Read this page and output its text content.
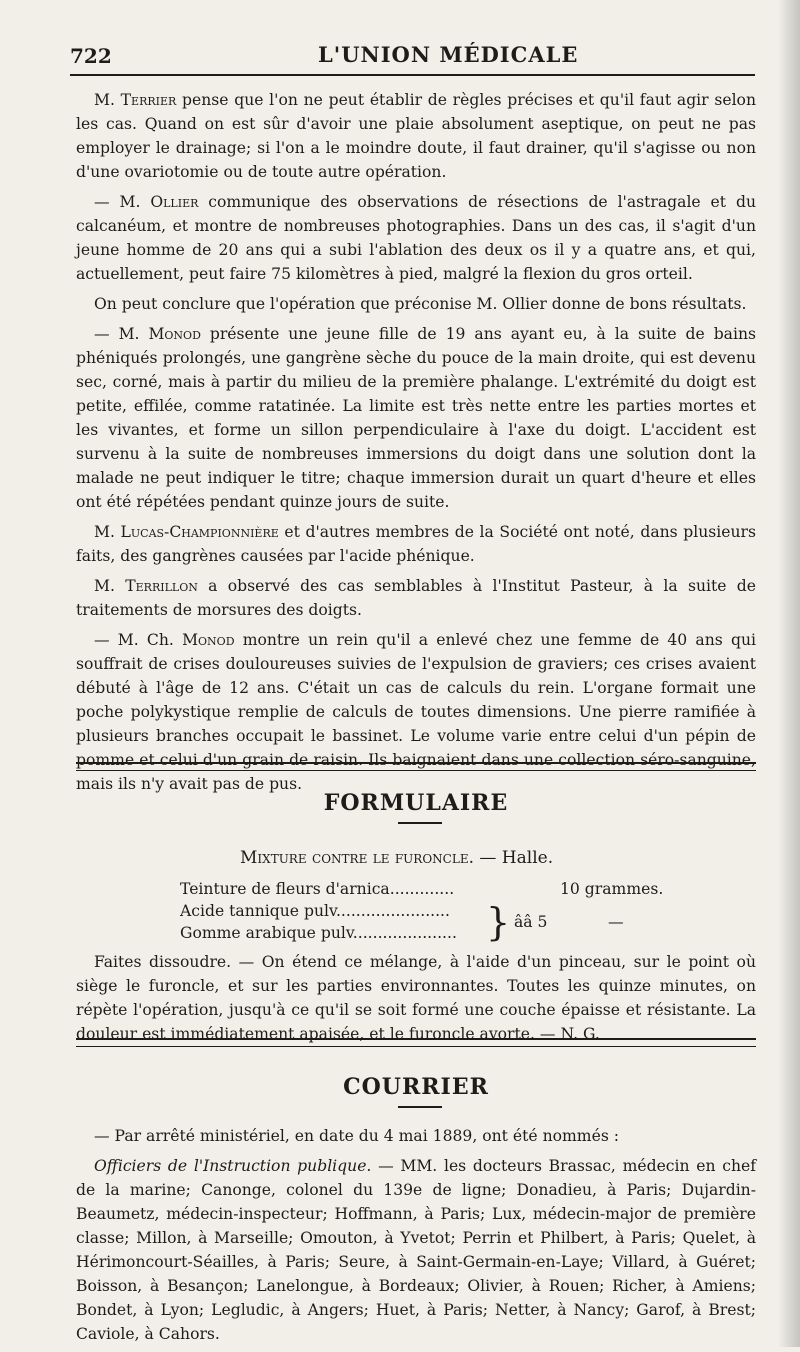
722	L'UNION MÉDICALE

M. Terrier pense que l'on ne peut établir de règles précises et qu'il faut agir selon les cas. Quand on est sûr d'avoir une plaie absolument aseptique, on peut ne pas employer le drainage; si l'on a le moindre doute, il faut drainer, qu'il s'agisse ou non d'une ovariotomie ou de toute autre opération.

— M. Ollier communique des observations de résections de l'astragale et du calcanéum, et montre de nombreuses photographies. Dans un des cas, il s'agit d'un jeune homme de 20 ans qui a subi l'ablation des deux os il y a quatre ans, et qui, actuellement, peut faire 75 kilomètres à pied, malgré la flexion du gros orteil.

On peut conclure que l'opération que préconise M. Ollier donne de bons résultats.

— M. Monod présente une jeune fille de 19 ans ayant eu, à la suite de bains phéniqués prolongés, une gangrène sèche du pouce de la main droite, qui est devenu sec, corné, mais à partir du milieu de la première phalange. L'extrémité du doigt est petite, effilée, comme ratatinée. La limite est très nette entre les parties mortes et les vivantes, et forme un sillon perpendiculaire à l'axe du doigt. L'accident est survenu à la suite de nombreuses immersions du doigt dans une solution dont la malade ne peut indiquer le titre; chaque immersion durait un quart d'heure et elles ont été répétées pendant quinze jours de suite.

M. Lucas-Championnière et d'autres membres de la Société ont noté, dans plusieurs faits, des gangrènes causées par l'acide phénique.

M. Terrillon a observé des cas semblables à l'Institut Pasteur, à la suite de traitements de morsures des doigts.

— M. Ch. Monod montre un rein qu'il a enlevé chez une femme de 40 ans qui souffrait de crises douloureuses suivies de l'expulsion de graviers; ces crises avaient débuté à l'âge de 12 ans. C'était un cas de calculs du rein. L'organe formait une poche polykystique remplie de calculs de toutes dimensions. Une pierre ramifiée à plusieurs branches occupait le bassinet. Le volume varie entre celui d'un pépin de pomme et celui d'un grain de raisin. Ils baignaient dans une collection séro-sanguine, mais ils n'y avait pas de pus.

FORMULAIRE
Mixture contre le furoncle. — Halle.
Teinture de fleurs d'arnica.............	10 grammes.
Acide tannique pulv.......................
Gomme arabique pulv..................... } ââ 5	—

Faites dissoudre. — On étend ce mélange, à l'aide d'un pinceau, sur le point où siège le furoncle, et sur les parties environnantes. Toutes les quinze minutes, on répète l'opération, jusqu'à ce qu'il se soit formé une couche épaisse et résistante. La douleur est immédiatement apaisée, et le furoncle avorte. — N. G.

COURRIER

— Par arrêté ministériel, en date du 4 mai 1889, ont été nommés :

Officiers de l'Instruction publique. — MM. les docteurs Brassac, médecin en chef de la marine; Canonge, colonel du 139e de ligne; Donadieu, à Paris; Dujardin-Beaumetz, médecin-inspecteur; Hoffmann, à Paris; Lux, médecin-major de première classe; Millon, à Marseille; Omouton, à Yvetot; Perrin et Philbert, à Paris; Quelet, à Hérimoncourt-Séailles, à Paris; Seure, à Saint-Germain-en-Laye; Villard, à Guéret; Boisson, à Besançon; Lanelongue, à Bordeaux; Olivier, à Rouen; Richer, à Amiens; Bondet, à Lyon; Legludic, à Angers; Huet, à Paris; Netter, à Nancy; Garof, à Brest; Caviole, à Cahors.
